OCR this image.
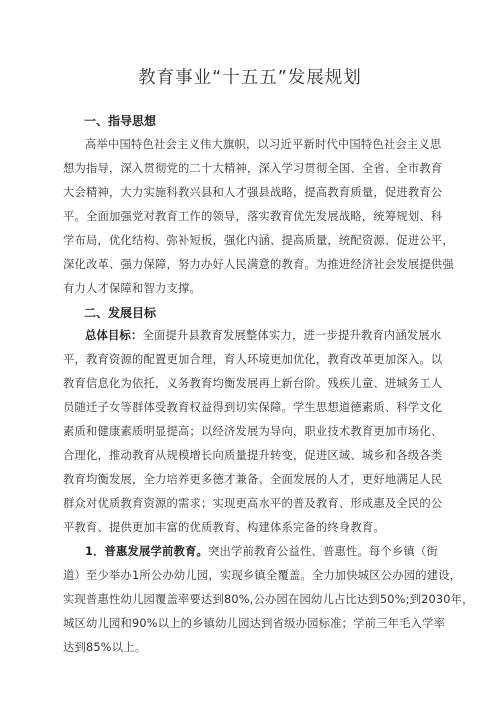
教育事业“十五五”发展规划
一、指导思想
高举中国特色社会主义伟大旗帜，以习近平新时代中国特色社会主义思
想为指导，深入贯彻党的二十大精神，深入学习贯彻全国、全省、全市教育
大会精神，大力实施科教兴县和人才强县战略，提高教育质量，促进教育公
平。全面加强党对教育工作的领导，落实教育优先发展战略，统筹规划、科
学布局，优化结构、弥补短板，强化内涵、提高质量，统配资源、促进公平，
深化改革、强力保障，努力办好人民满意的教育。为推进经济社会发展提供强
有力人才保障和智力支撑。
二、发展目标
总体目标：全面提升县教育发展整体实力，进一步提升教育内涵发展水
平，教育资源的配置更加合理，育人环境更加优化，教育改革更加深入。以
教育信息化为依托，义务教育均衡发展再上新台阶。残疾儿童、进城务工人
员随迁子女等群体受教育权益得到切实保障。学生思想道德素质、科学文化
素质和健康素质明显提高；以经济发展为导向，职业技术教育更加市场化、
合理化，推动教育从规模增长向质量提升转变，促进区域、城乡和各级各类
教育均衡发展，全力培养更多德才兼备、全面发展的人才，更好地满足人民
群众对优质教育资源的需求；实现更高水平的普及教育、形成惠及全民的公
平教育、提供更加丰富的优质教育、构建体系完备的终身教育。
1．普惠发展学前教育。突出学前教育公益性、普惠性。每个乡镇（街
道）至少举办1所公办幼儿园，实现乡镇全覆盖。全力加快城区公办园的建设，
实现普惠性幼儿园覆盖率要达到80%,公办园在园幼儿占比达到50%;到2030年，
城区幼儿园和90%以上的乡镇幼儿园达到省级办园标准；学前三年毛入学率
达到85%以上。
